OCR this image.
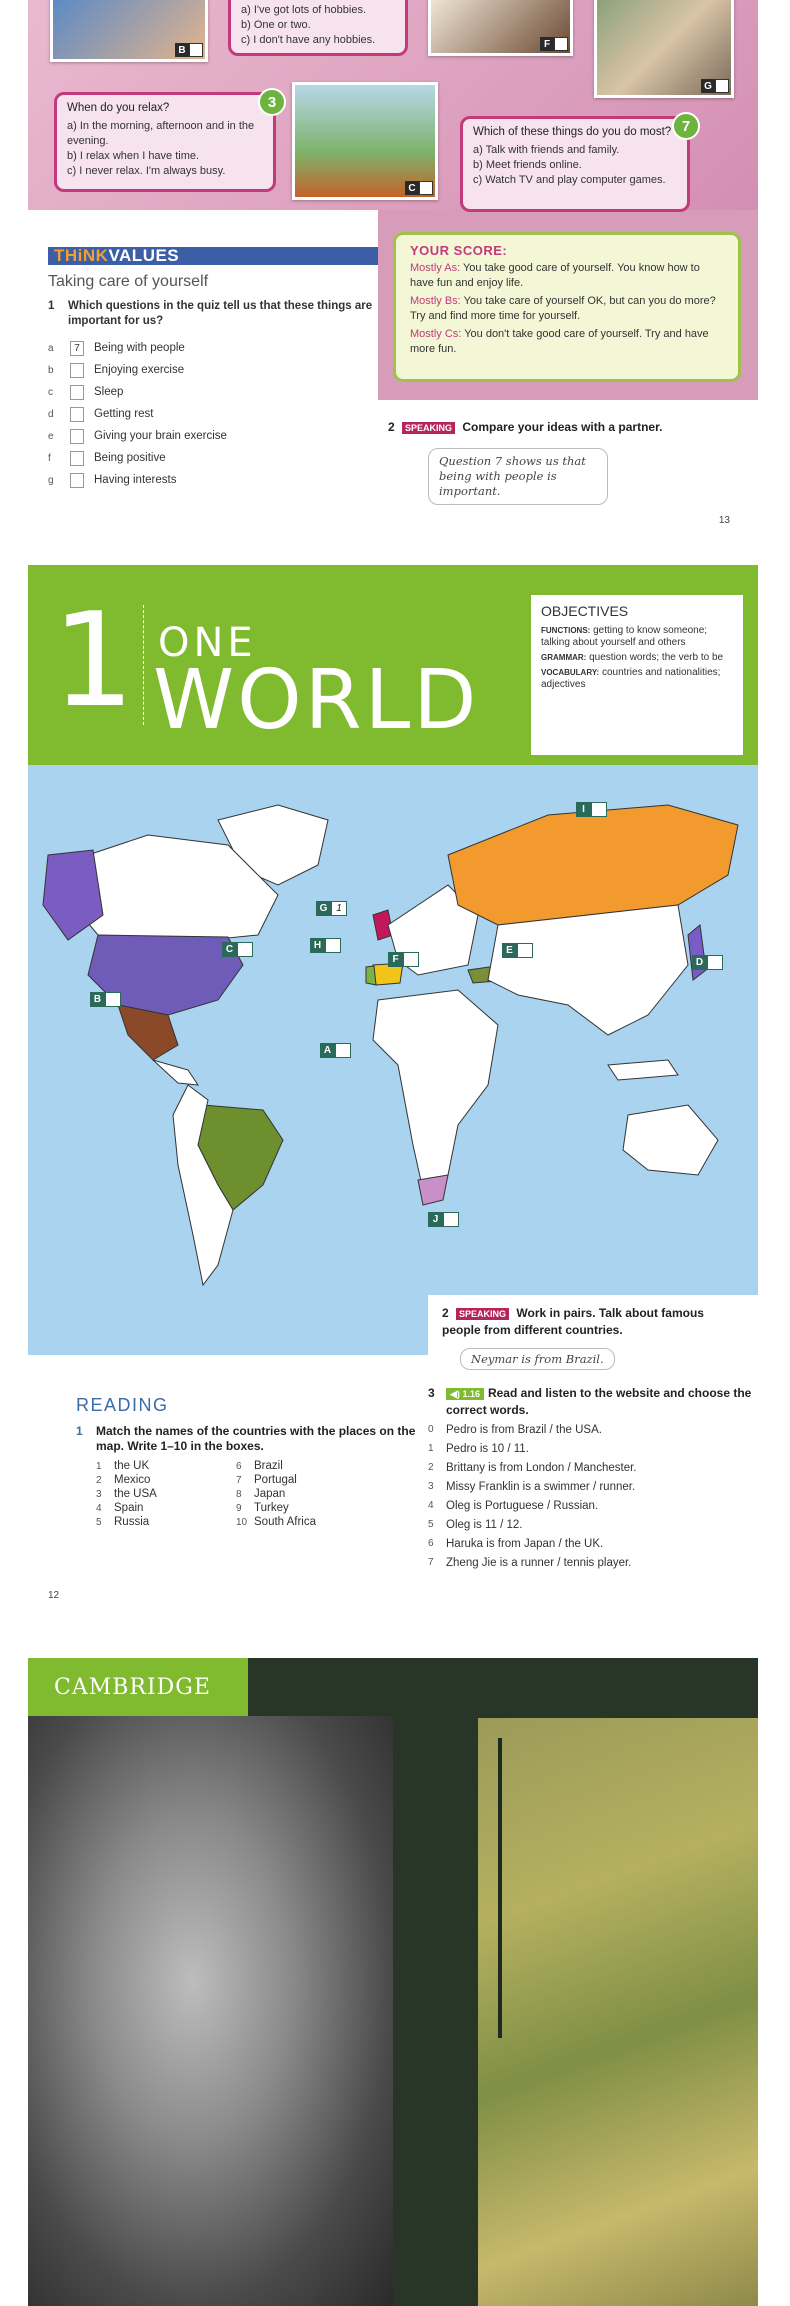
B
a) I've got lots of hobbies.
b) One or two.
c) I don't have any hobbies.	F
G
When do you relax?
a) In the morning, afternoon and in the evening.
b) I relax when I have time.
c) I never relax. I'm always busy.
3
C
Which of these things do you do most?
a) Talk with friends and family.
b) Meet friends online.
c) Watch TV and play computer games.
7
YOUR SCORE:

Mostly As: You take good care of yourself. You know how to have fun and enjoy life.

Mostly Bs: You take care of yourself OK, but can you do more? Try and find more time for yourself.

Mostly Cs: You don't take good care of yourself. Try and have more fun.

THiNK VALUES
Taking care of yourself
1 Which questions in the quiz tell us that these things are important for us?
a	7	Being with people
b	Enjoying exercise
c	Sleep
d	Getting rest
e	Giving your brain exercise
f	Being positive
g	Having interests
2 SPEAKING Compare your ideas with a partner.
Question 7 shows us that being with people is important.
13
1 ONE
WORLD
OBJECTIVES

FUNCTIONS: getting to know someone; talking about yourself and others

GRAMMAR: question words; the verb to be

VOCABULARY: countries and nationalities; adjectives

I
G 1
C	H
F
E
D
B
A
J
2 SPEAKING Work in pairs. Talk about famous people from different countries.
Neymar is from Brazil.
READING
1 Match the names of the countries with the places on the map. Write 1–10 in the boxes.
1 the UK	6 Brazil
2 Mexico	7 Portugal
3 the USA	8 Japan
4 Spain	9 Turkey
5 Russia	10 South Africa
3 ◀) 1.16 Read and listen to the website and choose the correct words.
0 Pedro is from Brazil / the USA.
1 Pedro is 10 / 11.
2 Brittany is from London / Manchester.
3 Missy Franklin is a swimmer / runner.
4 Oleg is Portuguese / Russian.
5 Oleg is 11 / 12.
6 Haruka is from Japan / the UK.
7 Zheng Jie is a runner / tennis player.
12
CAMBRIDGE
